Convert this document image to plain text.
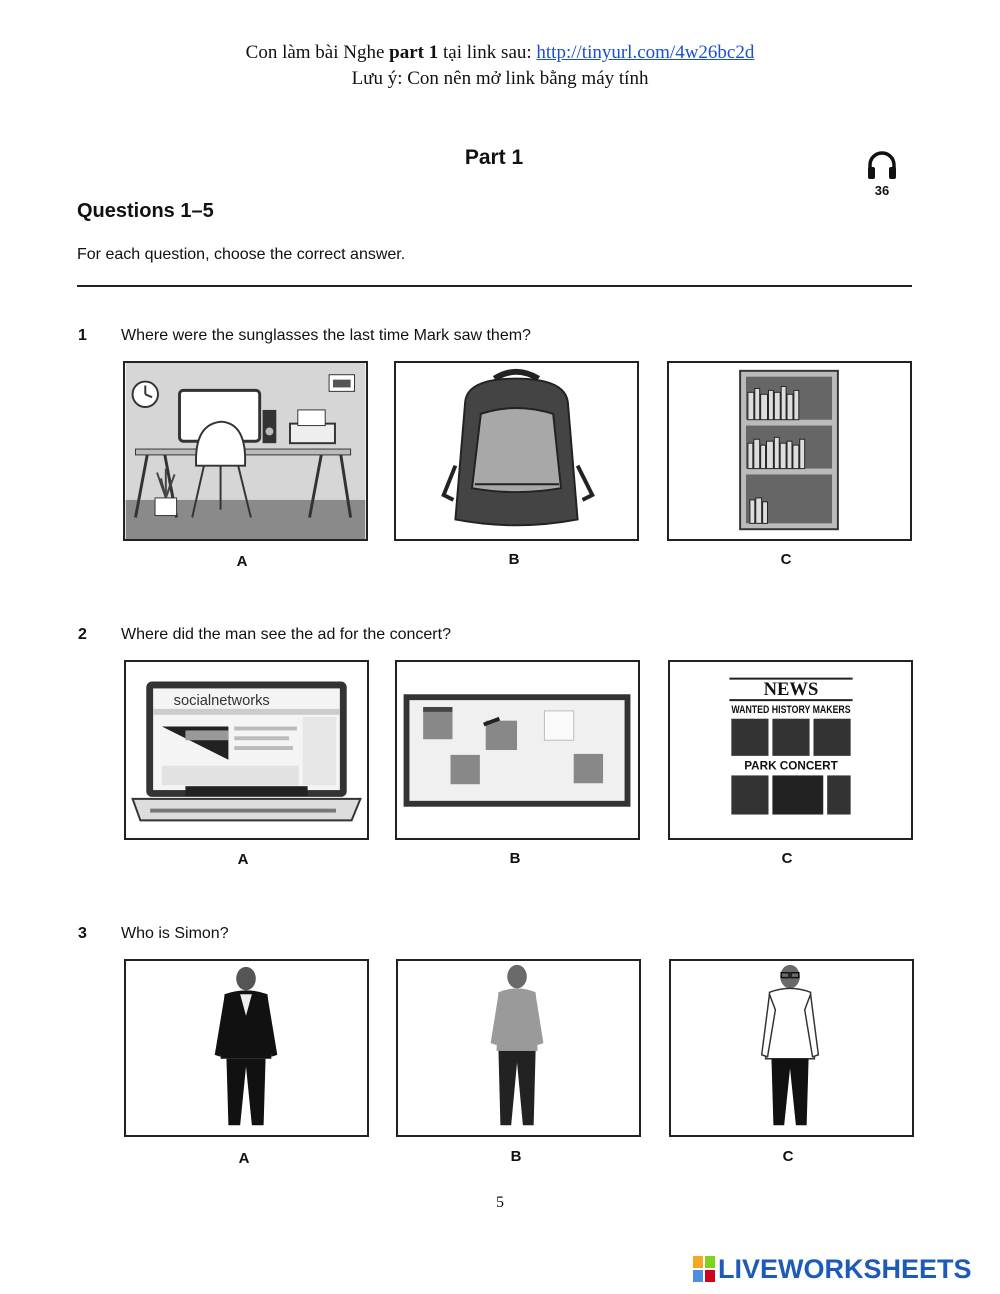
Con làm bài Nghe part 1 tại link sau: http://tinyurl.com/4w26bc2d
Lưu ý: Con nên mở link bằng máy tính
Part 1
36
Questions 1–5
For each question, choose the correct answer.
1 Where were the sunglasses the last time Mark saw them?
A	B	C
2 Where did the man see the ad for the concert?
socialnetworks
NEWS
WANTED HISTORY MAKERS
PARK CONCERT
A	B	C
3 Who is Simon?
A	B	C
5
LIVEWORKSHEETS
